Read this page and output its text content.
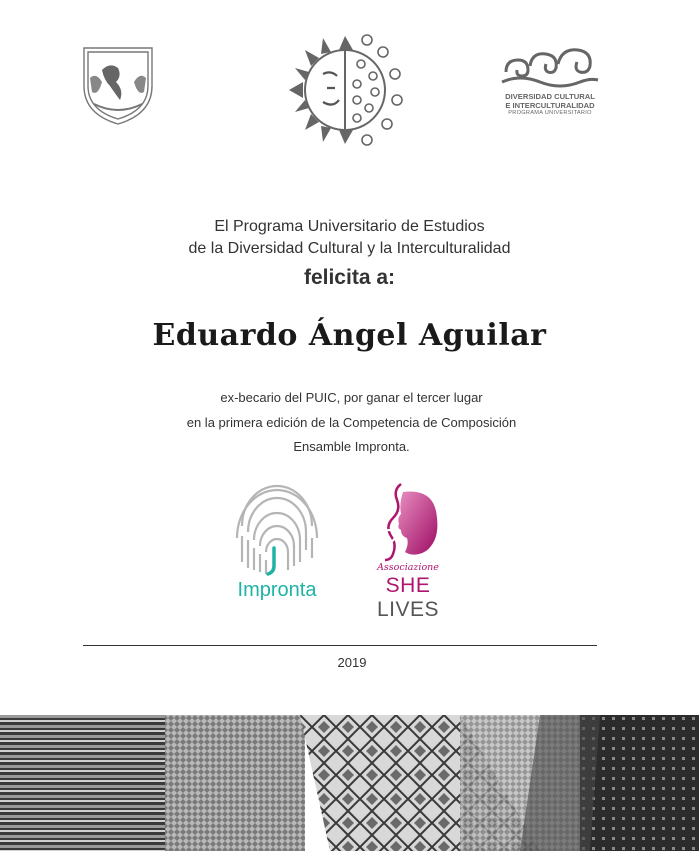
DIVERSIDAD CULTURAL
E INTERCULTURALIDAD
PROGRAMA UNIVERSITARIO
El Programa Universitario de Estudios
de la Diversidad Cultural y la Interculturalidad
felicita a:
Eduardo Ángel Aguilar
ex-becario del PUIC, por ganar el tercer lugar
en la primera edición de la Competencia de Composición
Ensamble Impronta.
Impronta
Associazione
SHE LIVES
2019
